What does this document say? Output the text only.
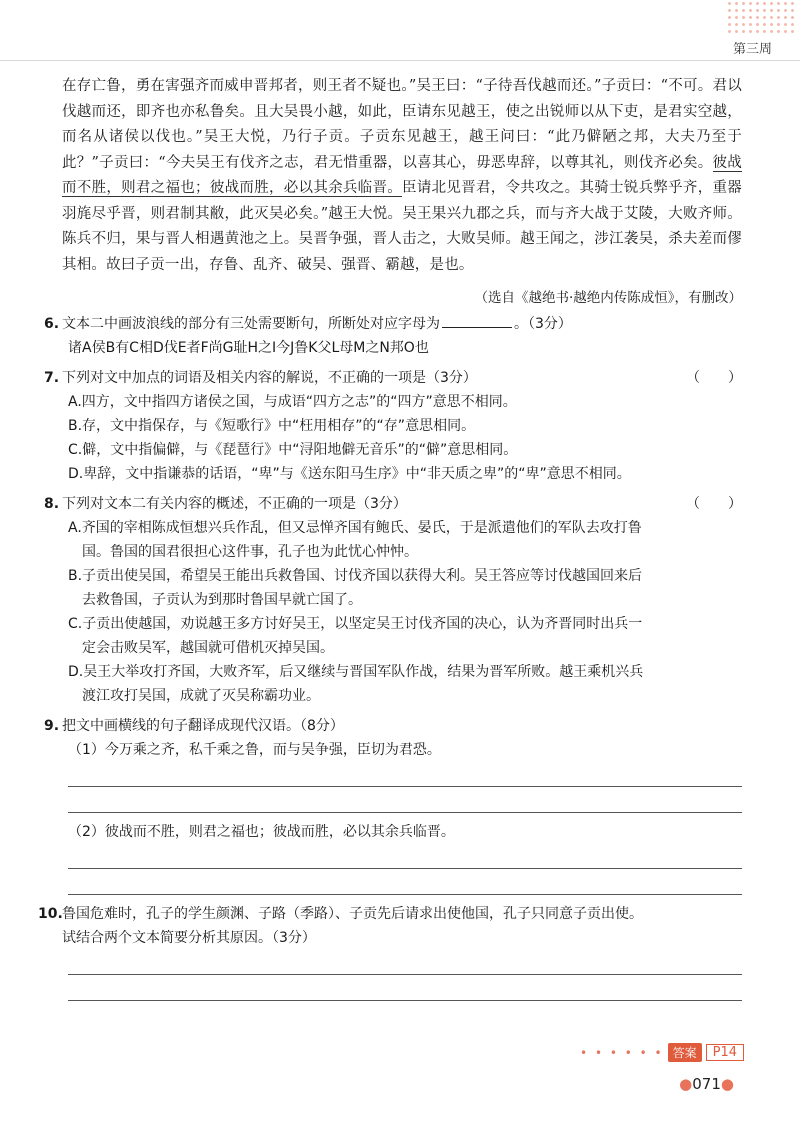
第三周

在存亡鲁，勇在害强齐而威申晋邦者，则王者不疑也。”吴王曰：“子待吾伐越而还。”子贡曰：“不可。君以伐越而还，即齐也亦私鲁矣。且大吴畏小越，如此，臣请东见越王，使之出锐师以从下吏，是君实空越，而名从诸侯以伐也。”吴王大悦，乃行子贡。子贡东见越王，越王问曰：“此乃僻陋之邦，大夫乃至于此？”子贡曰：“今夫吴王有伐齐之志，君无惜重器，以喜其心，毋恶卑辞，以尊其礼，则伐齐必矣。彼战而不胜，则君之福也；彼战而胜，必以其余兵临晋。臣请北见晋君，令共攻之。其骑士锐兵弊乎齐，重器羽旄尽乎晋，则君制其敝，此灭吴必矣。”越王大悦。吴王果兴九郡之兵，而与齐大战于艾陵，大败齐师。陈兵不归，果与晋人相遇黄池之上。吴晋争强，晋人击之，大败吴师。越王闻之，涉江袭吴，杀夫差而僇其相。故曰子贡一出，存鲁、乱齐、破吴、强晋、霸越，是也。

（选自《越绝书·越绝内传陈成恒》，有删改）
6. 文本二中画波浪线的部分有三处需要断句，所断处对应字母为	。（3分）
诸A侯B有C相D伐E者F尚G耻H之I今J鲁K父L母M之N邦O也
7. 下列对文中加点的词语及相关内容的解说，不正确的一项是（3分）	（　　）
A.四方，文中指四方诸侯之国，与成语“四方之志”的“四方”意思不相同。
B.存，文中指保存，与《短歌行》中“枉用相存”的“存”意思相同。
C.僻，文中指偏僻，与《琵琶行》中“浔阳地僻无音乐”的“僻”意思相同。
D.卑辞，文中指谦恭的话语，“卑”与《送东阳马生序》中“非天质之卑”的“卑”意思不相同。
8. 下列对文本二有关内容的概述，不正确的一项是（3分）	（　　）
A.齐国的宰相陈成恒想兴兵作乱，但又忌惮齐国有鲍氏、晏氏，于是派遣他们的军队去攻打鲁
国。鲁国的国君很担心这件事，孔子也为此忧心忡忡。
B.子贡出使吴国，希望吴王能出兵救鲁国、讨伐齐国以获得大利。吴王答应等讨伐越国回来后
去救鲁国，子贡认为到那时鲁国早就亡国了。
C.子贡出使越国，劝说越王多方讨好吴王，以坚定吴王讨伐齐国的决心，认为齐晋同时出兵一
定会击败吴军，越国就可借机灭掉吴国。
D.吴王大举攻打齐国，大败齐军，后又继续与晋国军队作战，结果为晋军所败。越王乘机兴兵
渡江攻打吴国，成就了灭吴称霸功业。
9. 把文中画横线的句子翻译成现代汉语。（8分）
（1）今万乘之齐，私千乘之鲁，而与吴争强，臣切为君恐。
（2）彼战而不胜，则君之福也；彼战而胜，必以其余兵临晋。
10. 鲁国危难时，孔子的学生颜渊、子路（季路）、子贡先后请求出使他国，孔子只同意子贡出使。
试结合两个文本简要分析其原因。（3分）
• • • • • • 答案	P14
●071●
